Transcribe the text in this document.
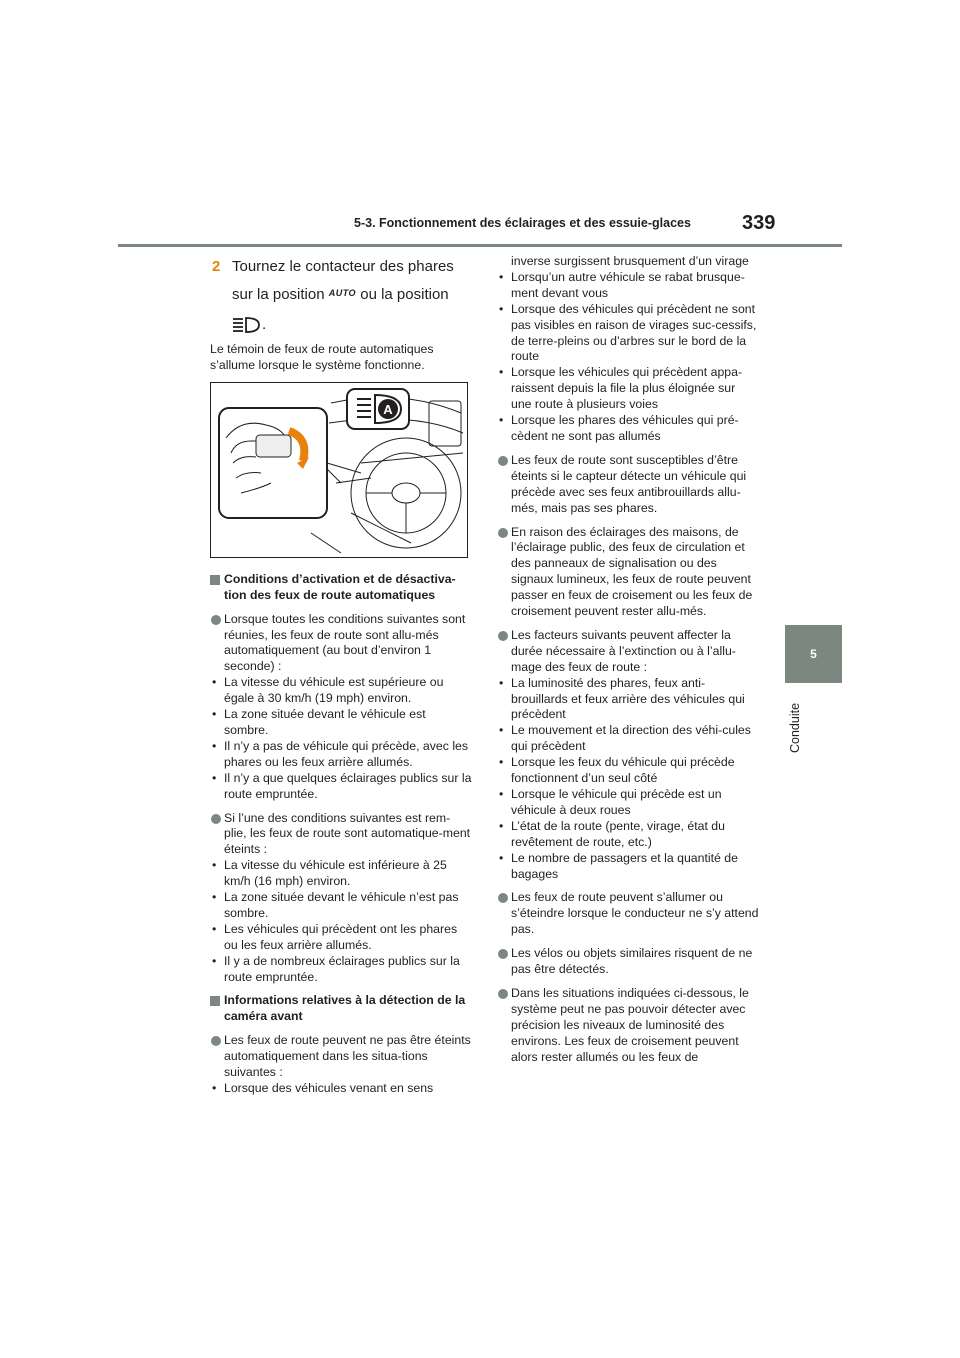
5-3. Fonctionnement des éclairages et des essuie-glaces	339
5
Conduite
2 Tournez le contacteur des phares
sur la position $^{AUTO}$ ou la position
.

Le témoin de feux de route automatiques s’allume lorsque le système fonctionne.

A
Conditions d’activation et de désactiva-tion des feux de route automatiques
Lorsque toutes les conditions suivantes sont réunies, les feux de route sont allu-més automatiquement (au bout d’environ 1 seconde) :
• La vitesse du véhicule est supérieure ou égale à 30 km/h (19 mph) environ.
• La zone située devant le véhicule est sombre.
• Il n’y a pas de véhicule qui précède, avec les phares ou les feux arrière allumés.
• Il n’y a que quelques éclairages publics sur la route empruntée.
Si l’une des conditions suivantes est rem-plie, les feux de route sont automatique-ment éteints :
• La vitesse du véhicule est inférieure à 25 km/h (16 mph) environ.
• La zone située devant le véhicule n’est pas sombre.
• Les véhicules qui précèdent ont les phares ou les feux arrière allumés.
• Il y a de nombreux éclairages publics sur la route empruntée.
Informations relatives à la détection de la caméra avant
Les feux de route peuvent ne pas être éteints automatiquement dans les situa-tions suivantes :
• Lorsque des véhicules venant en sens
inverse surgissent brusquement d’un virage
• Lorsqu’un autre véhicule se rabat brusque-ment devant vous
• Lorsque des véhicules qui précèdent ne sont pas visibles en raison de virages suc-cessifs, de terre-pleins ou d’arbres sur le bord de la route
• Lorsque les véhicules qui précèdent appa-raissent depuis la file la plus éloignée sur une route à plusieurs voies
• Lorsque les phares des véhicules qui pré-cèdent ne sont pas allumés
Les feux de route sont susceptibles d’être éteints si le capteur détecte un véhicule qui précède avec ses feux antibrouillards allu-més, mais pas ses phares.
En raison des éclairages des maisons, de l’éclairage public, des feux de circulation et des panneaux de signalisation ou des signaux lumineux, les feux de route peuvent passer en feux de croisement ou les feux de croisement peuvent rester allu-més.
Les facteurs suivants peuvent affecter la durée nécessaire à l’extinction ou à l’allu-mage des feux de route :
• La luminosité des phares, feux anti-brouillards et feux arrière des véhicules qui précèdent
• Le mouvement et la direction des véhi-cules qui précèdent
• Lorsque les feux du véhicule qui précède fonctionnent d’un seul côté
• Lorsque le véhicule qui précède est un véhicule à deux roues
• L’état de la route (pente, virage, état du revêtement de route, etc.)
• Le nombre de passagers et la quantité de bagages
Les feux de route peuvent s’allumer ou s’éteindre lorsque le conducteur ne s’y attend pas.
Les vélos ou objets similaires risquent de ne pas être détectés.
Dans les situations indiquées ci-dessous, le système peut ne pas pouvoir détecter avec précision les niveaux de luminosité des environs. Les feux de croisement peuvent alors rester allumés ou les feux de
